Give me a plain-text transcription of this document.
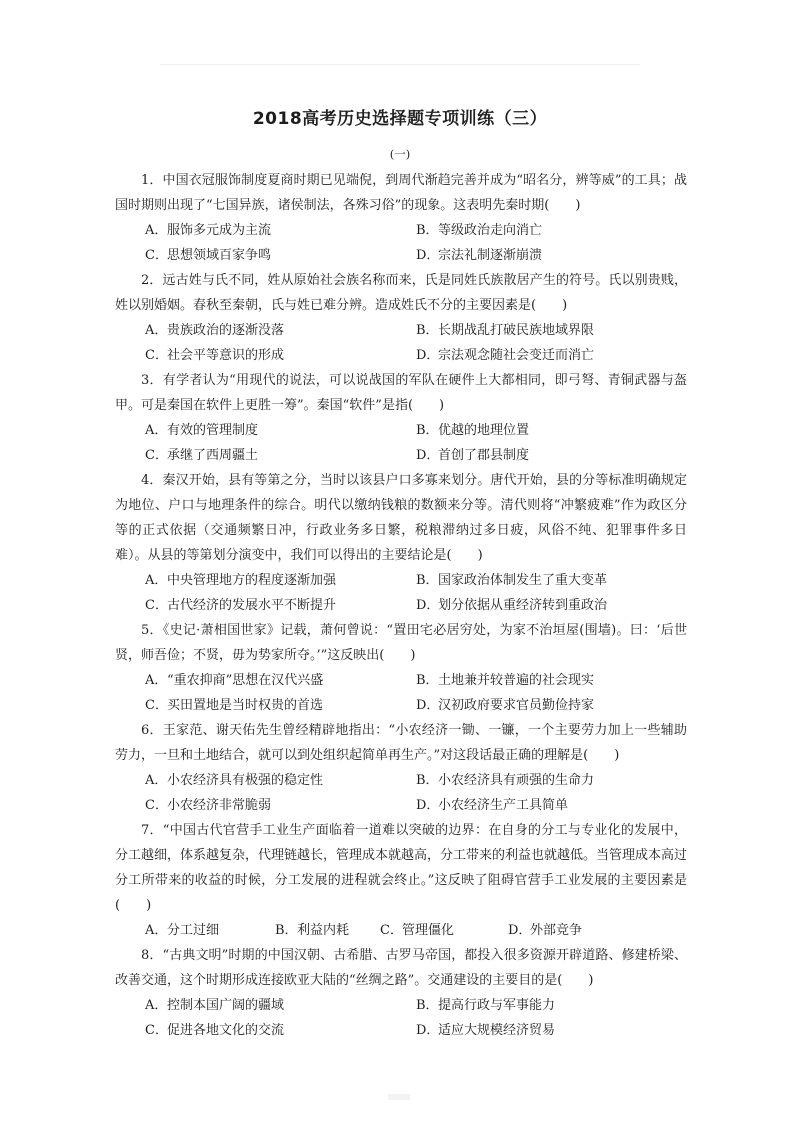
2018高考历史选择题专项训练（三）
(一)

1．中国衣冠服饰制度夏商时期已见端倪，到周代渐趋完善并成为“昭名分，辨等威”的工具；战国时期则出现了“七国异族，诸侯制法，各殊习俗”的现象。这表明先秦时期(　　)

A． 服饰多元成为主流	B． 等级政治走向消亡
C． 思想领域百家争鸣	D．
宗法礼制逐渐崩溃

2．远古姓与氏不同，姓从原始社会族名称而来，氏是同姓氏族散居产生的符号。氏以别贵贱，姓以别婚姻。春秋至秦朝，氏与姓已难分辨。造成姓氏不分的主要因素是(　　)

A． 贵族政治的逐渐没落	B． 长期战乱打破民族地域界限
C． 社会平等意识的形成	D．
宗法观念随社会变迁而消亡

3．有学者认为“用现代的说法，可以说战国的军队在硬件上大都相同，即弓弩、青铜武器与盔甲。可是秦国在软件上更胜一筹”。秦国“软件”是指(　　)

A． 有效的管理制度	B． 优越的地理位置
C． 承继了西周疆土	D．
首创了郡县制度

4．秦汉开始，县有等第之分，当时以该县户口多寡来划分。唐代开始，县的分等标准明确规定为地位、户口与地理条件的综合。明代以缴纳钱粮的数额来分等。清代则将“冲繁疲难”作为政区分等的正式依据（交通频繁日冲，行政业务多日繁，税粮滞纳过多日疲，风俗不纯、犯罪事件多日难）。从县的等第划分演变中，我们可以得出的主要结论是(　　)

A． 中央管理地方的程度逐渐加强	B． 国家政治体制发生了重大变革
C． 古代经济的发展水平不断提升	D．
划分依据从重经济转到重政治

5．《史记·萧相国世家》记载，萧何曾说：“置田宅必居穷处，为家不治垣屋(围墙)。曰：‘后世贤，师吾俭；不贤，毋为势家所夺。’”这反映出(　　)

A． “重农抑商”思想在汉代兴盛	B． 土地兼并较普遍的社会现实
C． 买田置地是当时权贵的首选	D．
汉初政府要求官员勤俭持家

6．王家范、谢天佑先生曾经精辟地指出：“小农经济一锄、一镰，一个主要劳力加上一些辅助劳力，一旦和土地结合，就可以到处组织起简单再生产。”对这段话最正确的理解是(　　)

A． 小农经济具有极强的稳定性	B． 小农经济具有顽强的生命力
C． 小农经济非常脆弱	D．
小农经济生产工具简单

7．“中国古代官营手工业生产面临着一道难以突破的边界：在自身的分工与专业化的发展中，分工越细，体系越复杂，代理链越长，管理成本就越高，分工带来的利益也就越低。当管理成本高过分工所带来的收益的时候，分工发展的进程就会终止。”这反映了阻碍官营手工业发展的主要因素是(　　)

A． 分工过细	B． 利益内耗 C． 管理僵化	D．
外部竞争

8．“古典文明”时期的中国汉朝、古希腊、古罗马帝国，都投入很多资源开辟道路、修建桥梁、改善交通，这个时期形成连接欧亚大陆的“丝绸之路”。交通建设的主要目的是(　　)

A． 控制本国广阔的疆域	B． 提高行政与军事能力
C． 促进各地文化的交流	D．
适应大规模经济贸易
